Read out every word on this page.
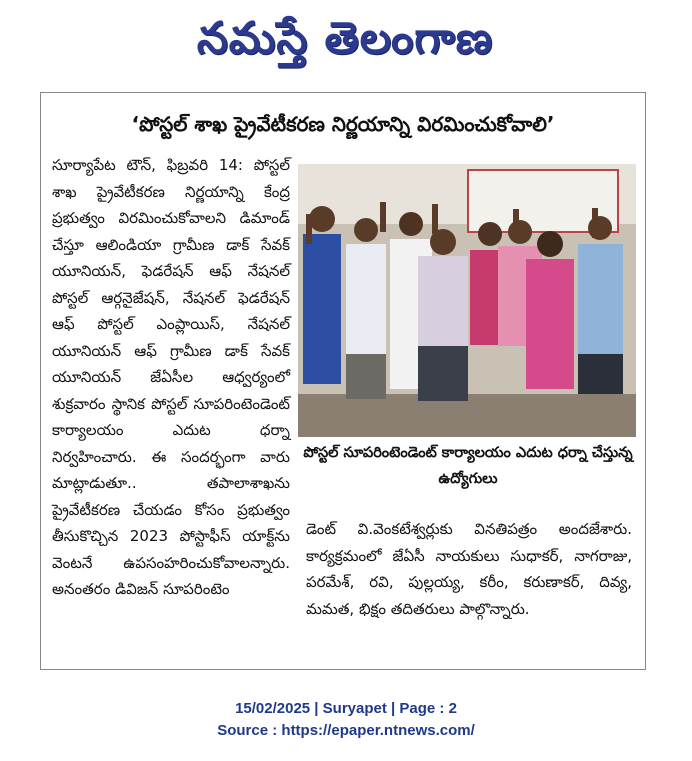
నమస్తే తెలంగాణ
‘పోస్టల్ శాఖ ప్రైవేటీకరణ నిర్ణయాన్ని విరమించుకోవాలి’

సూర్యాపేట టౌన్, ఫిబ్రవరి 14: పోస్టల్ శాఖ ప్రైవేటీకరణ నిర్ణయాన్ని కేంద్ర ప్రభుత్వం విరమించుకోవాలని డిమాండ్ చేస్తూ ఆలిండియా గ్రామీణ డాక్ సేవక్ యూనియన్, ఫెడరేషన్ ఆఫ్ నేషనల్ పోస్టల్ ఆర్గనైజేషన్, నేషనల్ ఫెడరేషన్ ఆఫ్ పోస్టల్ ఎంప్లాయిస్, నేషనల్ యూనియన్ ఆఫ్ గ్రామీణ డాక్ సేవక్ యూనియన్ జేఏసీల ఆధ్వర్యంలో శుక్రవారం స్థానిక పోస్టల్ సూపరింటెండెంట్ కార్యాలయం ఎదుట ధర్నా నిర్వహించారు. ఈ సందర్భంగా వారు మాట్లాడుతూ.. తపాలాశాఖను ప్రైవేటీకరణ చేయడం కోసం ప్రభుత్వం తీసుకొచ్చిన 2023 పోస్టాఫీస్ యాక్ట్‌ను వెంటనే ఉపసంహరించుకోవాలన్నారు. అనంతరం డివిజన్ సూపరింటెం

పోస్టల్ సూపరింటెండెంట్ కార్యాలయం ఎదుట ధర్నా చేస్తున్న ఉద్యోగులు

డెంట్ వి.వెంకటేశ్వర్లుకు వినతిపత్రం అందజేశారు. కార్యక్రమంలో జేఏసీ నాయకులు సుధాకర్, నాగరాజు, పరమేశ్, రవి, పుల్లయ్య, కరీం, కరుణాకర్, దివ్య, మమత, భిక్షం తదితరులు పాల్గొన్నారు.

15/02/2025 | Suryapet | Page : 2
Source : https://epaper.ntnews.com/
